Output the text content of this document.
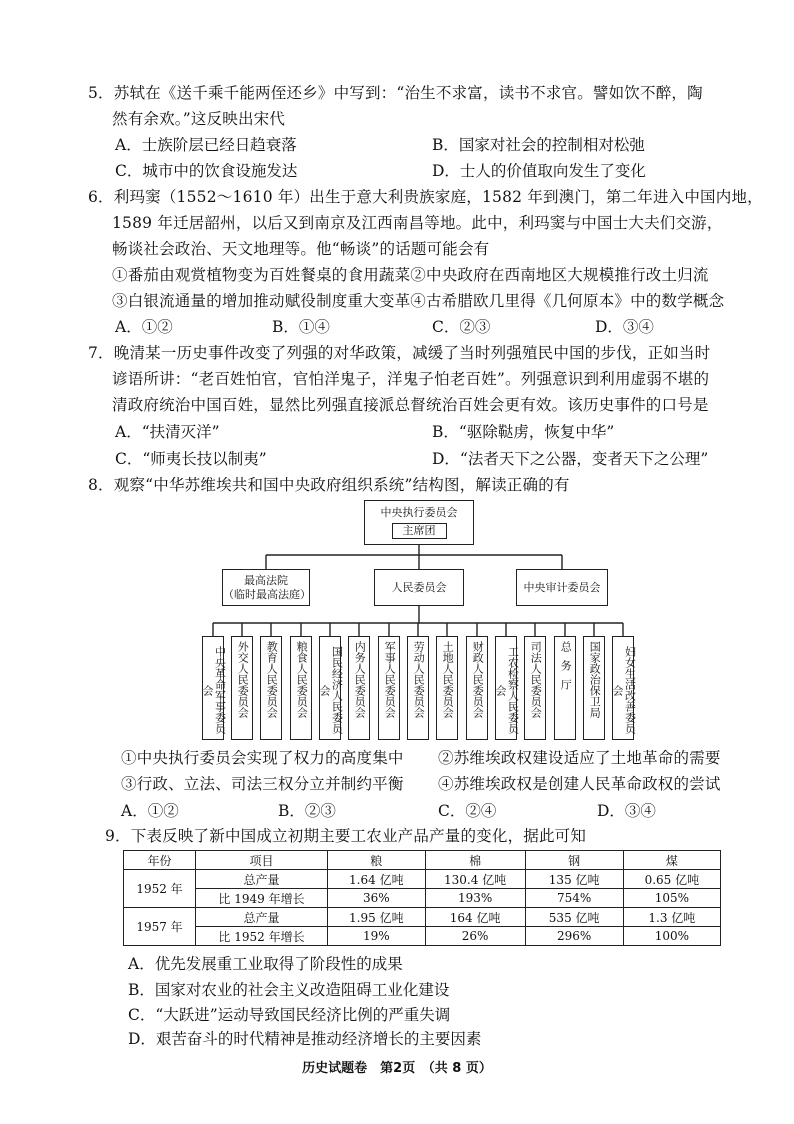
5．苏轼在《送千乘千能两侄还乡》中写到：“治生不求富，读书不求官。譬如饮不醉，陶
然有余欢。”这反映出宋代
A．士族阶层已经日趋衰落	B．国家对社会的控制相对松弛
C．城市中的饮食设施发达	D．士人的价值取向发生了变化
6．利玛窦（1552～1610 年）出生于意大利贵族家庭，1582 年到澳门，第二年进入中国内地，
1589 年迁居韶州，以后又到南京及江西南昌等地。此中，利玛窦与中国士大夫们交游，
畅谈社会政治、天文地理等。他“畅谈”的话题可能会有
①番茄由观赏植物变为百姓餐桌的食用蔬菜②中央政府在西南地区大规模推行改土归流
③白银流通量的增加推动赋役制度重大变革④古希腊欧几里得《几何原本》中的数学概念
A．①②	B．①④	C．②③	D．③④
7．晚清某一历史事件改变了列强的对华政策，减缓了当时列强殖民中国的步伐，正如当时
谚语所讲：“老百姓怕官，官怕洋鬼子，洋鬼子怕老百姓”。列强意识到利用虚弱不堪的
清政府统治中国百姓，显然比列强直接派总督统治百姓会更有效。该历史事件的口号是
A．“扶清灭洋”	B．“驱除鞑虏，恢复中华”
C．“师夷长技以制夷”	D．“法者天下之公器，变者天下之公理”
8．观察“中华苏维埃共和国中央政府组织系统”结构图，解读正确的有
中央执行委员会
主席团
最高法院
（临时最高法庭）
人民委员会	中央审计委员会
中央革命军事委员会	外交人民委员会	教育人民委员会	粮食人民委员会	国民经济人民委员会	内务人民委员会	军事人民委员会	劳动人民委员会	土地人民委员会	财政人民委员会	工农检察人民委员会	司法人民委员会	总务厅	国家政治保卫局	妇女生活改善委员会
①中央执行委员会实现了权力的高度集中 ②苏维埃政权建设适应了土地革命的需要
③行政、立法、司法三权分立并制约平衡 ④苏维埃政权是创建人民革命政权的尝试
A．①②	B．②③	C．②④	D．③④
9．下表反映了新中国成立初期主要工农业产品产量的变化，据此可知
年份	项目	粮	棉	钢	煤
1952 年	总产量	1.64 亿吨	130.4 亿吨	135 亿吨	0.65 亿吨
	比 1949 年增长	36%	193%	754%	105%
1957 年	总产量	1.95 亿吨	164 亿吨	535 亿吨	1.3 亿吨
	比 1952 年增长	19%	26%	296%	100%
A．优先发展重工业取得了阶段性的成果
B．国家对农业的社会主义改造阻碍工业化建设
C．“大跃进”运动导致国民经济比例的严重失调
D．艰苦奋斗的时代精神是推动经济增长的主要因素
历史试题卷　第2页　（共 8 页）
